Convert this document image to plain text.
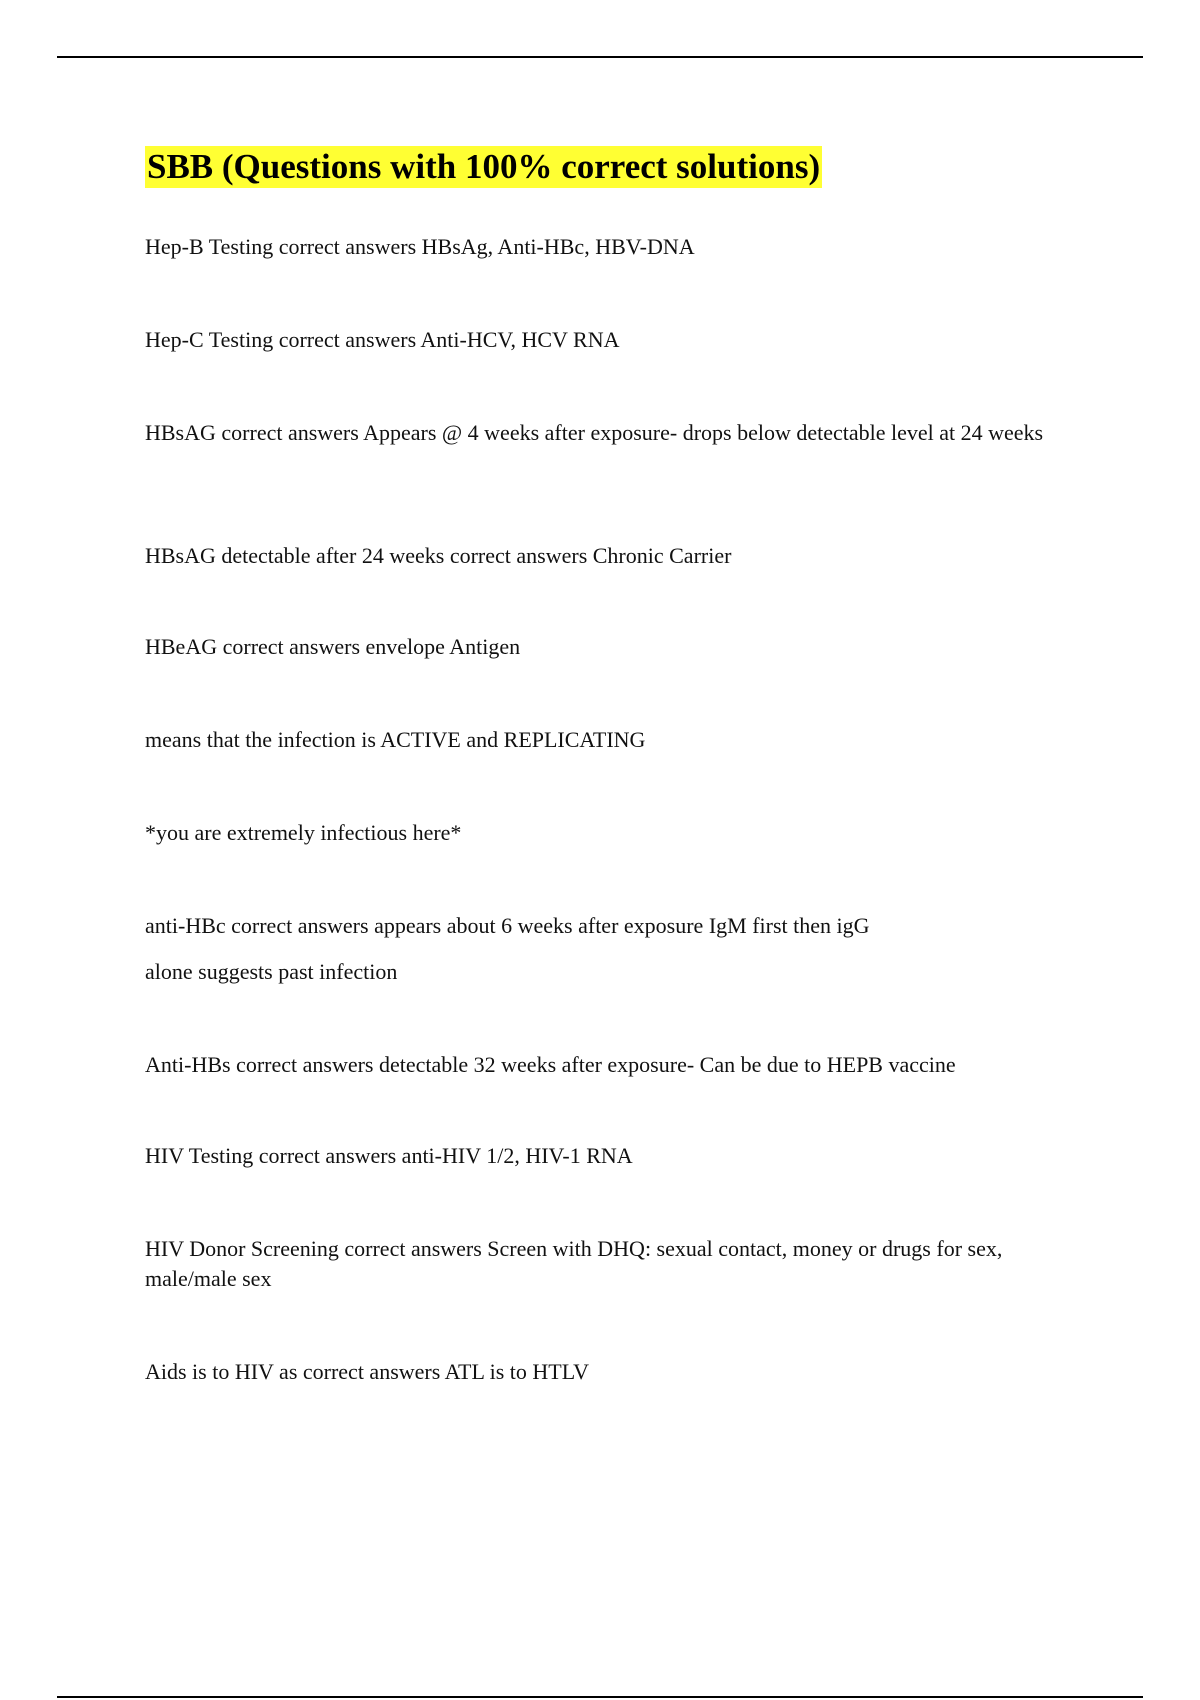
SBB (Questions with 100% correct solutions)

Hep-B Testing correct answers HBsAg, Anti-HBc, HBV-DNA

Hep-C Testing correct answers Anti-HCV, HCV RNA

HBsAG correct answers Appears @ 4 weeks after exposure- drops below detectable level at 24 weeks

HBsAG detectable after 24 weeks correct answers Chronic Carrier

HBeAG correct answers envelope Antigen

means that the infection is ACTIVE and REPLICATING

*you are extremely infectious here*

anti-HBc correct answers appears about 6 weeks after exposure IgM first then igG

alone suggests past infection

Anti-HBs correct answers detectable 32 weeks after exposure- Can be due to HEPB vaccine

HIV Testing correct answers anti-HIV 1/2, HIV-1 RNA

HIV Donor Screening correct answers Screen with DHQ: sexual contact, money or drugs for sex, male/male sex

Aids is to HIV as correct answers ATL is to HTLV
